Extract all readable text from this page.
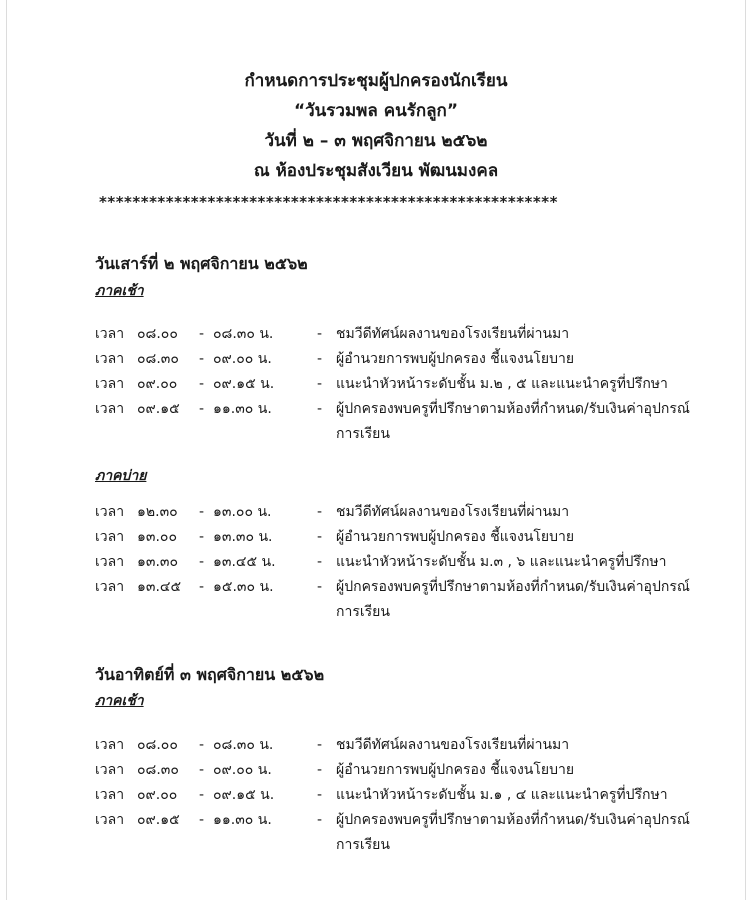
กำหนดการประชุมผู้ปกครองนักเรียน
“วันรวมพล คนรักลูก”
วันที่ ๒ – ๓ พฤศจิกายน ๒๕๖๒
ณ ห้องประชุมสังเวียน พัฒนมงคล
*******************************************************
วันเสาร์ที่ ๒ พฤศจิกายน ๒๕๖๒
ภาคเช้า
เวลา ๐๘.๐๐ - ๐๘.๓๐ น.	- ชมวีดีทัศน์ผลงานของโรงเรียนที่ผ่านมา
เวลา ๐๘.๓๐ - ๐๙.๐๐ น.	- ผู้อำนวยการพบผู้ปกครอง ชี้แจงนโยบาย
เวลา ๐๙.๐๐ - ๐๙.๑๕ น.	- แนะนำหัวหน้าระดับชั้น ม.๒ , ๕ และแนะนำครูที่ปรึกษา
เวลา ๐๙.๑๕ - ๑๑.๓๐ น.	- ผู้ปกครองพบครูที่ปรึกษาตามห้องที่กำหนด/รับเงินค่าอุปกรณ์การเรียน
ภาคบ่าย
เวลา ๑๒.๓๐ - ๑๓.๐๐ น.	- ชมวีดีทัศน์ผลงานของโรงเรียนที่ผ่านมา
เวลา ๑๓.๐๐ - ๑๓.๓๐ น.	- ผู้อำนวยการพบผู้ปกครอง ชี้แจงนโยบาย
เวลา ๑๓.๓๐ - ๑๓.๔๕ น.	- แนะนำหัวหน้าระดับชั้น ม.๓ , ๖ และแนะนำครูที่ปรึกษา
เวลา ๑๓.๔๕ - ๑๕.๓๐ น.	- ผู้ปกครองพบครูที่ปรึกษาตามห้องที่กำหนด/รับเงินค่าอุปกรณ์การเรียน
วันอาทิตย์ที่ ๓ พฤศจิกายน ๒๕๖๒
ภาคเช้า
เวลา ๐๘.๐๐ - ๐๘.๓๐ น.	- ชมวีดีทัศน์ผลงานของโรงเรียนที่ผ่านมา
เวลา ๐๘.๓๐ - ๐๙.๐๐ น.	- ผู้อำนวยการพบผู้ปกครอง ชี้แจงนโยบาย
เวลา ๐๙.๐๐ - ๐๙.๑๕ น.	- แนะนำหัวหน้าระดับชั้น ม.๑ , ๔ และแนะนำครูที่ปรึกษา
เวลา ๐๙.๑๕ - ๑๑.๓๐ น.	- ผู้ปกครองพบครูที่ปรึกษาตามห้องที่กำหนด/รับเงินค่าอุปกรณ์การเรียน
